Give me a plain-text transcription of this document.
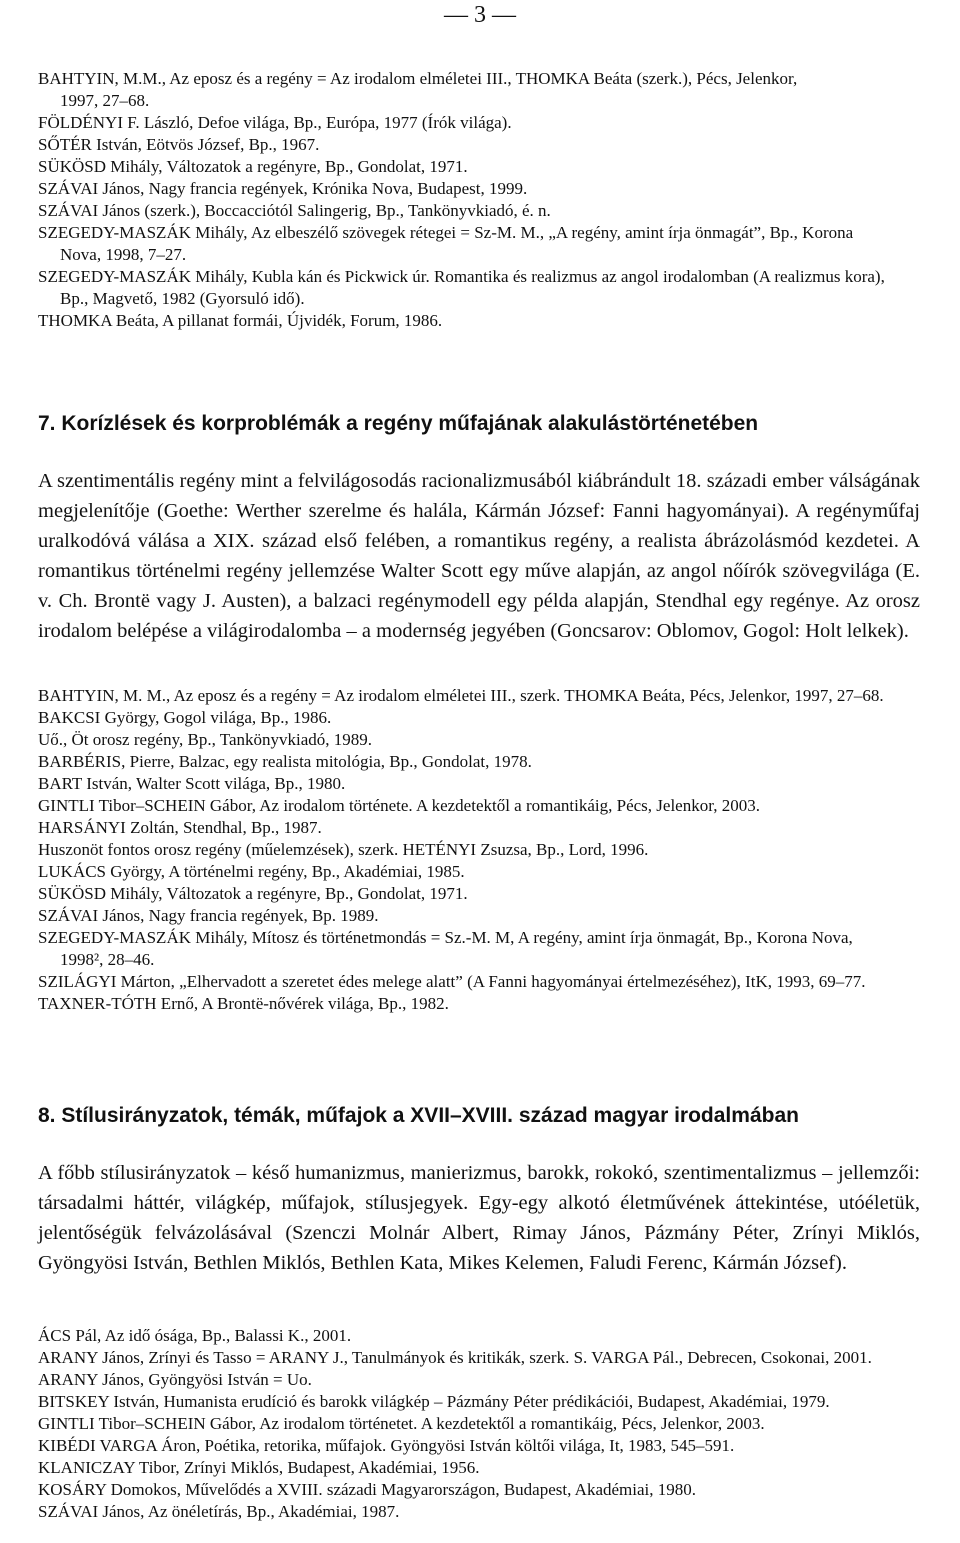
— 3 —

BAHTYIN, M.M., Az eposz és a regény = Az irodalom elméletei III., THOMKA Beáta (szerk.), Pécs, Jelenkor,
1997, 27–68.

FÖLDÉNYI F. László, Defoe világa, Bp., Európa, 1977 (Írók világa).

SŐTÉR István, Eötvös József, Bp., 1967.

SÜKÖSD Mihály, Változatok a regényre, Bp., Gondolat, 1971.

SZÁVAI János, Nagy francia regények, Krónika Nova, Budapest, 1999.

SZÁVAI János (szerk.), Boccacciótól Salingerig, Bp., Tankönyvkiadó, é. n.

SZEGEDY-MASZÁK Mihály, Az elbeszélő szövegek rétegei = Sz-M. M., „A regény, amint írja önmagát”, Bp., Korona
Nova, 1998, 7–27.

SZEGEDY-MASZÁK Mihály, Kubla kán és Pickwick úr. Romantika és realizmus az angol irodalomban (A realizmus kora),
Bp., Magvető, 1982 (Gyorsuló idő).

THOMKA Beáta, A pillanat formái, Újvidék, Forum, 1986.

7. Korízlések és korproblémák a regény műfajának alakulástörténetében

A szentimentális regény mint a felvilágosodás racionalizmusából kiábrándult 18. századi ember válságának megjelenítője (Goethe: Werther szerelme és halála, Kármán József: Fanni hagyományai). A regényműfaj uralkodóvá válása a XIX. század első felében, a romantikus regény, a realista ábrázolásmód kezdetei. A romantikus történelmi regény jellemzése Walter Scott egy műve alapján, az angol nőírók szövegvilága (E. v. Ch. Brontë vagy J. Austen), a balzaci regénymodell egy példa alapján, Stendhal egy regénye. Az orosz irodalom belépése a világirodalomba – a modernség jegyében (Goncsarov: Oblomov, Gogol: Holt lelkek).

BAHTYIN, M. M., Az eposz és a regény = Az irodalom elméletei III., szerk. THOMKA Beáta, Pécs, Jelenkor, 1997, 27–68.

BAKCSI György, Gogol világa, Bp., 1986.

Uő., Öt orosz regény, Bp., Tankönyvkiadó, 1989.

BARBÉRIS, Pierre, Balzac, egy realista mitológia, Bp., Gondolat, 1978.

BART István, Walter Scott világa, Bp., 1980.

GINTLI Tibor–SCHEIN Gábor, Az irodalom története. A kezdetektől a romantikáig, Pécs, Jelenkor, 2003.

HARSÁNYI Zoltán, Stendhal, Bp., 1987.

Huszonöt fontos orosz regény (műelemzések), szerk. HETÉNYI Zsuzsa, Bp., Lord, 1996.

LUKÁCS György, A történelmi regény, Bp., Akadémiai, 1985.

SÜKÖSD Mihály, Változatok a regényre, Bp., Gondolat, 1971.

SZÁVAI János, Nagy francia regények, Bp. 1989.

SZEGEDY-MASZÁK Mihály, Mítosz és történetmondás = Sz.-M. M, A regény, amint írja önmagát, Bp., Korona Nova,
1998², 28–46.

SZILÁGYI Márton, „Elhervadott a szeretet édes melege alatt” (A Fanni hagyományai értelmezéséhez), ItK, 1993, 69–77.

TAXNER-TÓTH Ernő, A Brontë-nővérek világa, Bp., 1982.

8. Stílusirányzatok, témák, műfajok a XVII–XVIII. század magyar irodalmában

A főbb stílusirányzatok – késő humanizmus, manierizmus, barokk, rokokó, szentimentalizmus – jellemzői: társadalmi háttér, világkép, műfajok, stílusjegyek. Egy-egy alkotó életművének áttekintése, utóéletük, jelentőségük felvázolásával (Szenczi Molnár Albert, Rimay János, Pázmány Péter, Zrínyi Miklós, Gyöngyösi István, Bethlen Miklós, Bethlen Kata, Mikes Kelemen, Faludi Ferenc, Kármán József).

ÁCS Pál, Az idő ósága, Bp., Balassi K., 2001.

ARANY János, Zrínyi és Tasso = ARANY J., Tanulmányok és kritikák, szerk. S. VARGA Pál., Debrecen, Csokonai, 2001.

ARANY János, Gyöngyösi István = Uo.

BITSKEY István, Humanista erudíció és barokk világkép – Pázmány Péter prédikációi, Budapest, Akadémiai, 1979.

GINTLI Tibor–SCHEIN Gábor, Az irodalom történetet. A kezdetektől a romantikáig, Pécs, Jelenkor, 2003.

KIBÉDI VARGA Áron, Poétika, retorika, műfajok. Gyöngyösi István költői világa, It, 1983, 545–591.

KLANICZAY Tibor, Zrínyi Miklós, Budapest, Akadémiai, 1956.

KOSÁRY Domokos, Művelődés a XVIII. századi Magyarországon, Budapest, Akadémiai, 1980.

SZÁVAI János, Az önéletírás, Bp., Akadémiai, 1987.
